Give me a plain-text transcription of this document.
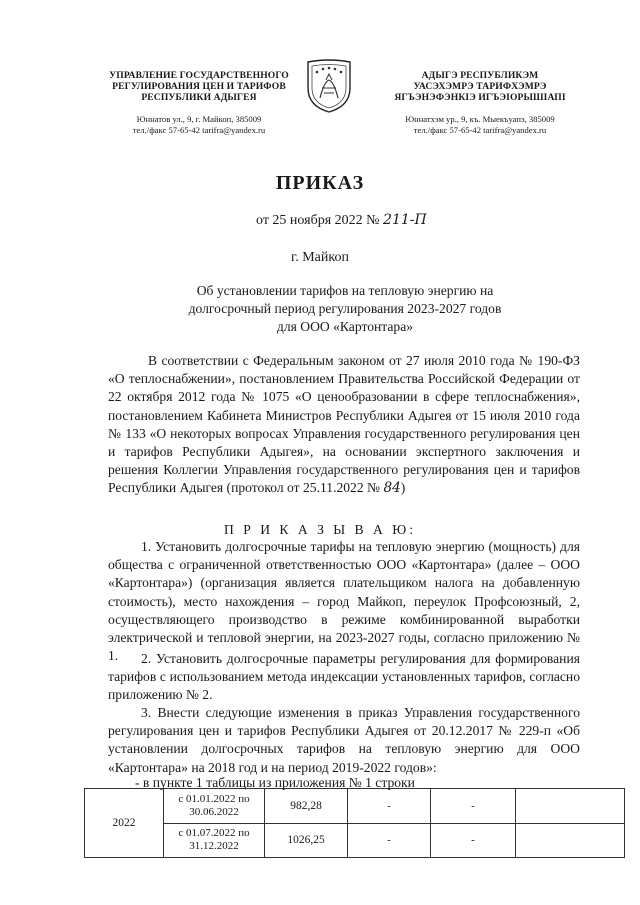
УПРАВЛЕНИЕ ГОСУДАРСТВЕННОГО
РЕГУЛИРОВАНИЯ ЦЕН И ТАРИФОВ
РЕСПУБЛИКИ АДЫГЕЯ
Юннатов ул., 9, г. Майкоп, 385009
тел./факс 57-65-42 tarifra@yandex.ru
АДЫГЭ РЕСПУБЛИКЭМ
УАСЭХЭМРЭ ТАРИФХЭМРЭ
ЯГЪЭНЭФЭНКІЭ ИГЪЭІОРЫШІАПІ
Юннатхэм ур., 9, къ. Мыекъуапэ, 385009
тел./факс 57-65-42 tarifra@yandex.ru
ПРИКАЗ
от 25 ноября 2022 № 211-П
г. Майкоп
Об установлении тарифов на тепловую энергию на
долгосрочный период регулирования 2023-2027 годов
для ООО «Картонтара»
В соответствии с Федеральным законом от 27 июля 2010 года № 190-ФЗ «О теплоснабжении», постановлением Правительства Российской Федерации от 22 октября 2012 года № 1075 «О ценообразовании в сфере теплоснабжения», постановлением Кабинета Министров Республики Адыгея от 15 июля 2010 года № 133 «О некоторых вопросах Управления государственного регулирования цен и тарифов Республики Адыгея», на основании экспертного заключения и решения Коллегии Управления государственного регулирования цен и тарифов Республики Адыгея (протокол от 25.11.2022 № 84)
П Р И К А З Ы В А Ю:
1. Установить долгосрочные тарифы на тепловую энергию (мощность) для общества с ограниченной ответственностью ООО «Картонтара» (далее – ООО «Картонтара») (организация является плательщиком налога на добавленную стоимость), место нахождения – город Майкоп, переулок Профсоюзный, 2, осуществляющего производство в режиме комбинированной выработки электрической и тепловой энергии, на 2023-2027 годы, согласно приложению № 1.	2. Установить долгосрочные параметры регулирования для формирования тарифов с использованием метода индексации установленных тарифов, согласно приложению № 2.
3. Внести следующие изменения в приказ Управления государственного регулирования цен и тарифов Республики Адыгея от 20.12.2017 № 229-п «Об установлении долгосрочных тарифов на тепловую энергию для ООО «Картонтара» на 2018 год и на период 2019-2022 годов»:
- в пункте 1 таблицы из приложения № 1 строки
2022	с 01.01.2022 по
30.06.2022	982,28	-	-	

	с 01.07.2022 по
31.12.2022	1026,25	-	-	
